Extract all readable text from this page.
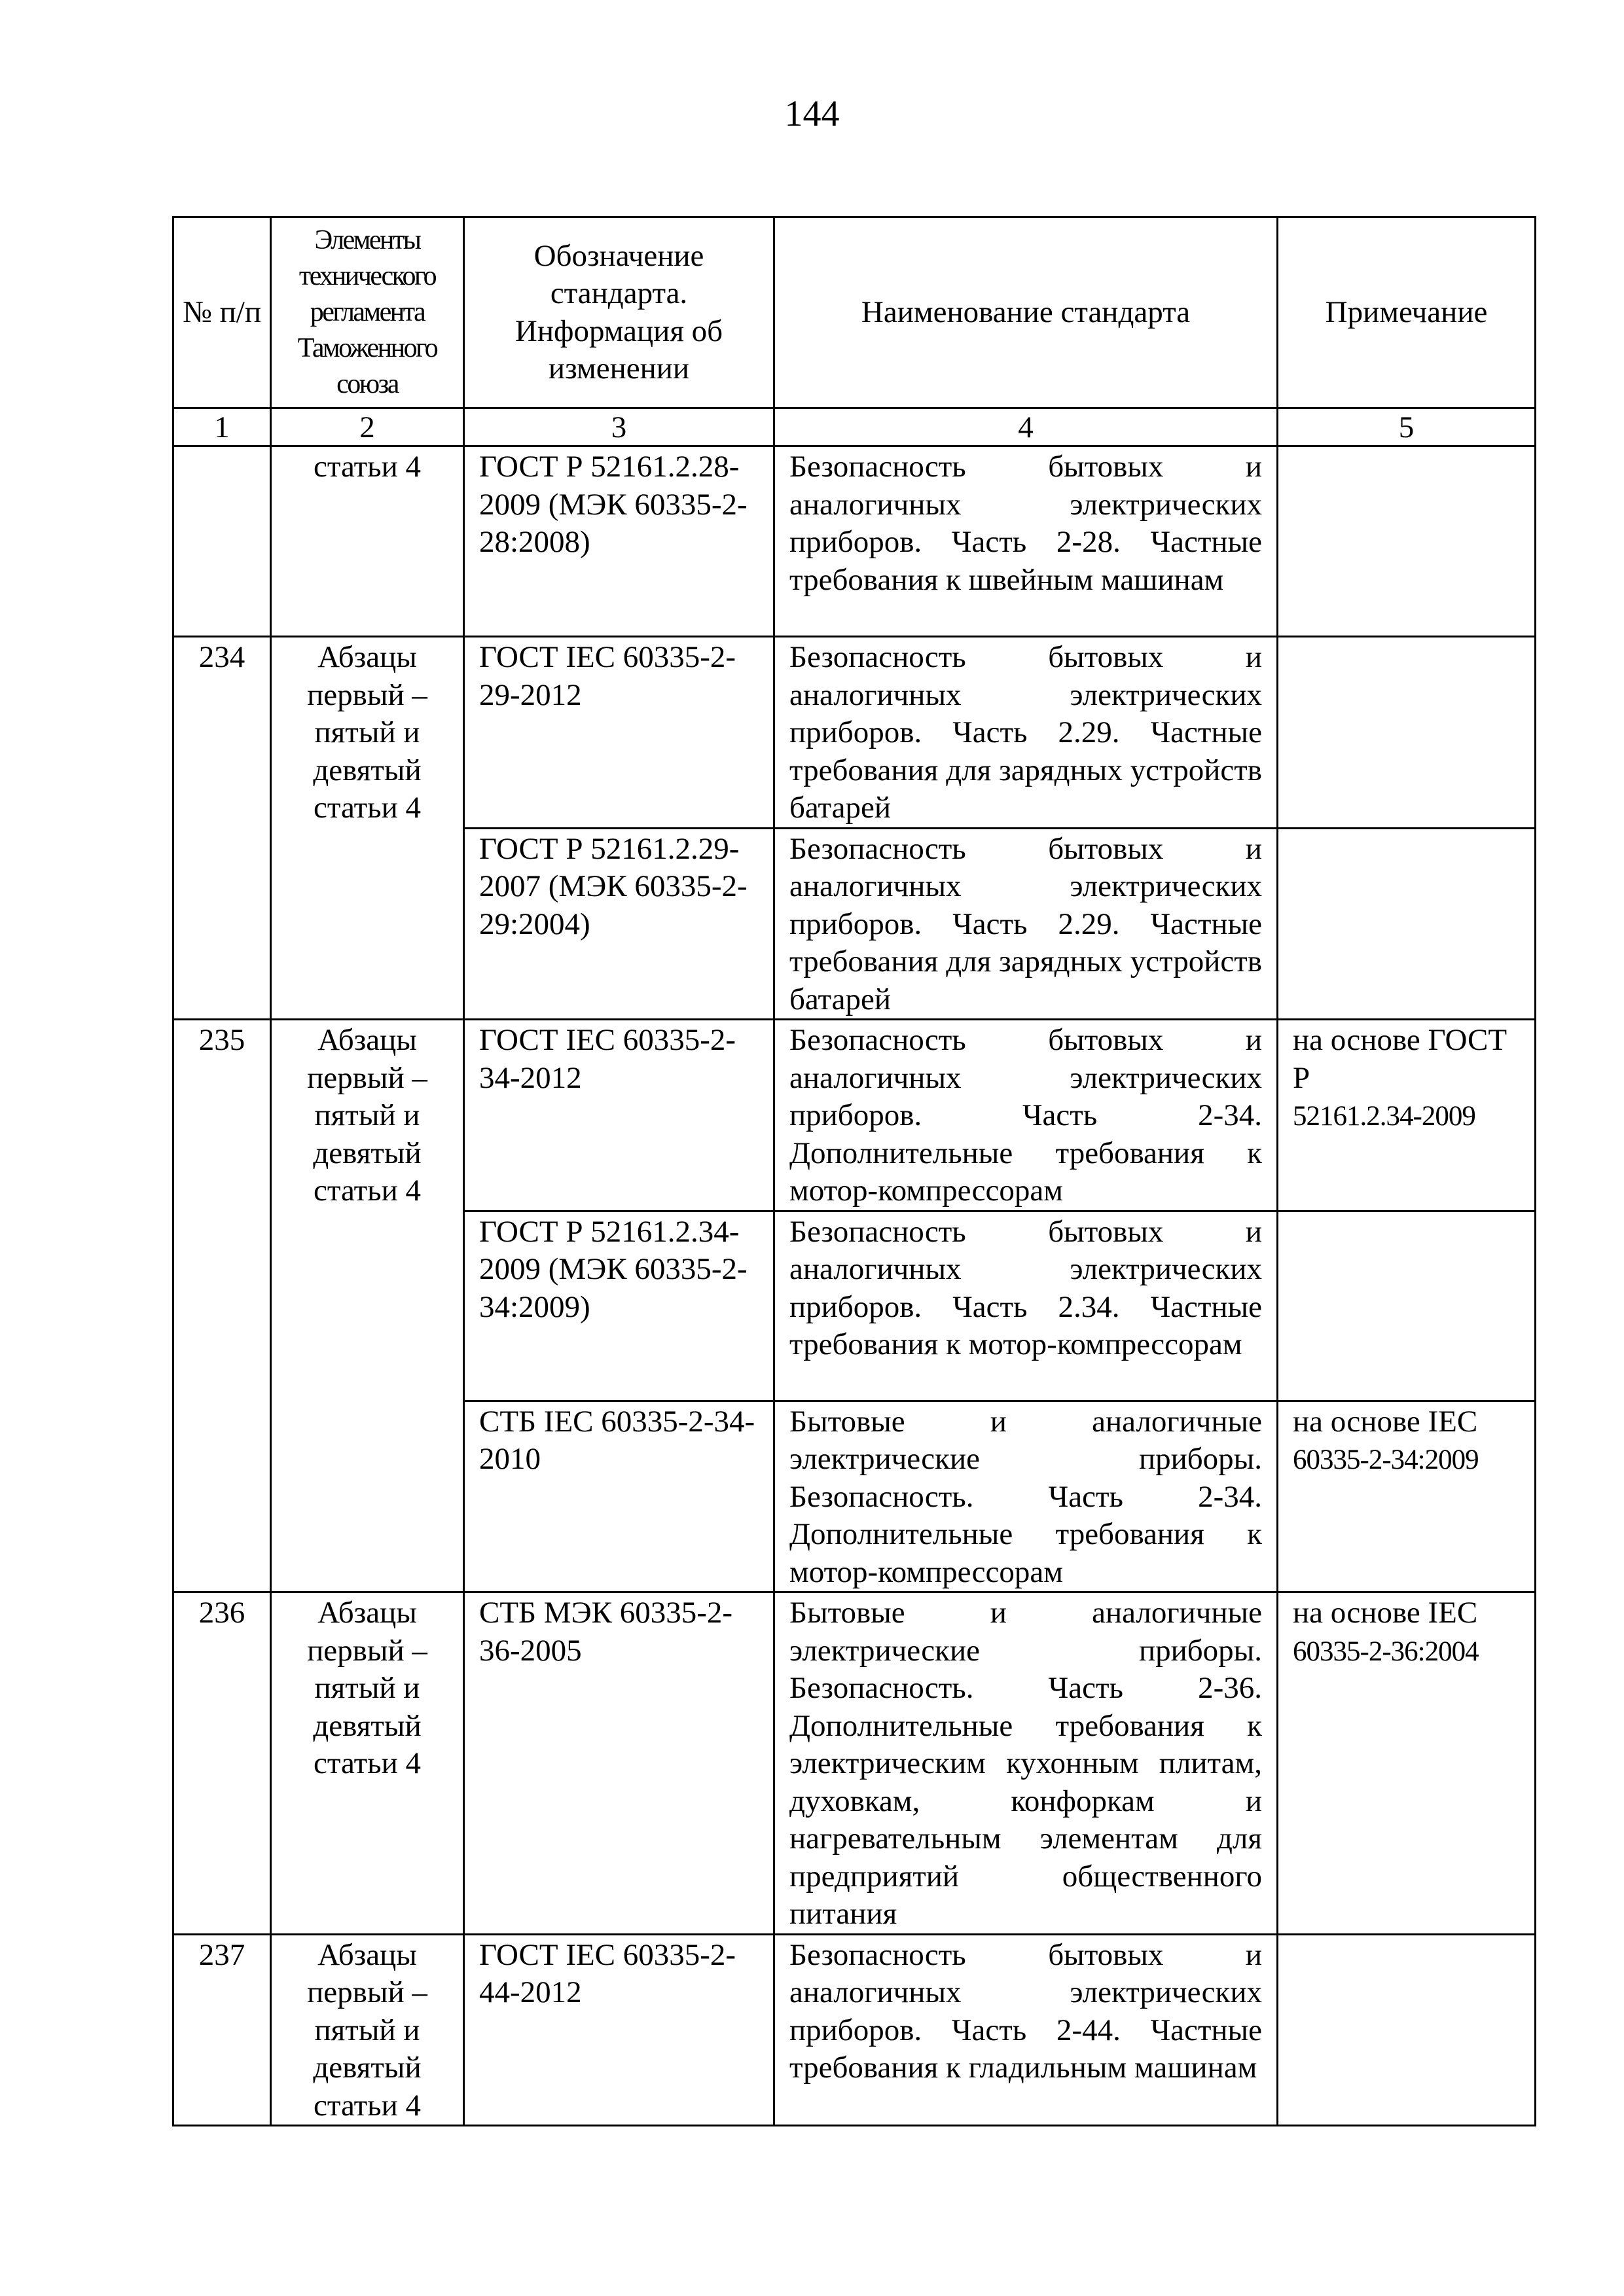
144
№ п/п	Элементы технического регламента Таможенного союза	Обозначение стандарта. Информация об изменении	Наименование стандарта	Примечание
1	2	3	4	5
	статьи 4	ГОСТ Р 52161.2.28-2009 (МЭК 60335-2-28:2008)	Безопасность бытовых и аналогичных электрических приборов. Часть 2-28. Частные требования к швейным машинам	
234	Абзацы первый – пятый и девятый статьи 4	ГОСТ IEC 60335-2-29-2012	Безопасность бытовых и аналогичных электрических приборов. Часть 2.29. Частные требования для зарядных устройств батарей	
		ГОСТ Р 52161.2.29-2007 (МЭК 60335-2-29:2004)	Безопасность бытовых и аналогичных электрических приборов. Часть 2.29. Частные требования для зарядных устройств батарей	
235	Абзацы первый – пятый и девятый статьи 4	ГОСТ IEC 60335-2-34-2012	Безопасность бытовых и аналогичных электрических приборов. Часть 2-34. Дополнительные требования к мотор-компрессорам	на основе ГОСТ Р
52161.2.34-2009
		ГОСТ Р 52161.2.34-2009 (МЭК 60335-2-34:2009)	Безопасность бытовых и аналогичных электрических приборов. Часть 2.34. Частные требования к мотор-компрессорам	
		СТБ IEC 60335-2-34-2010	Бытовые и аналогичные электрические приборы. Безопасность. Часть 2-34. Дополнительные требования к мотор-компрессорам	на основе IEC
60335-2-34:2009
236	Абзацы первый – пятый и девятый статьи 4	СТБ МЭК 60335-2-36-2005	Бытовые и аналогичные электрические приборы. Безопасность. Часть 2-36. Дополнительные требования к электрическим кухонным плитам, духовкам, конфоркам и нагревательным элементам для предприятий общественного питания	на основе IEC
60335-2-36:2004
237	Абзацы первый – пятый и девятый статьи 4	ГОСТ IEC 60335-2-44-2012	Безопасность бытовых и аналогичных электрических приборов. Часть 2-44. Частные требования к гладильным машинам	
